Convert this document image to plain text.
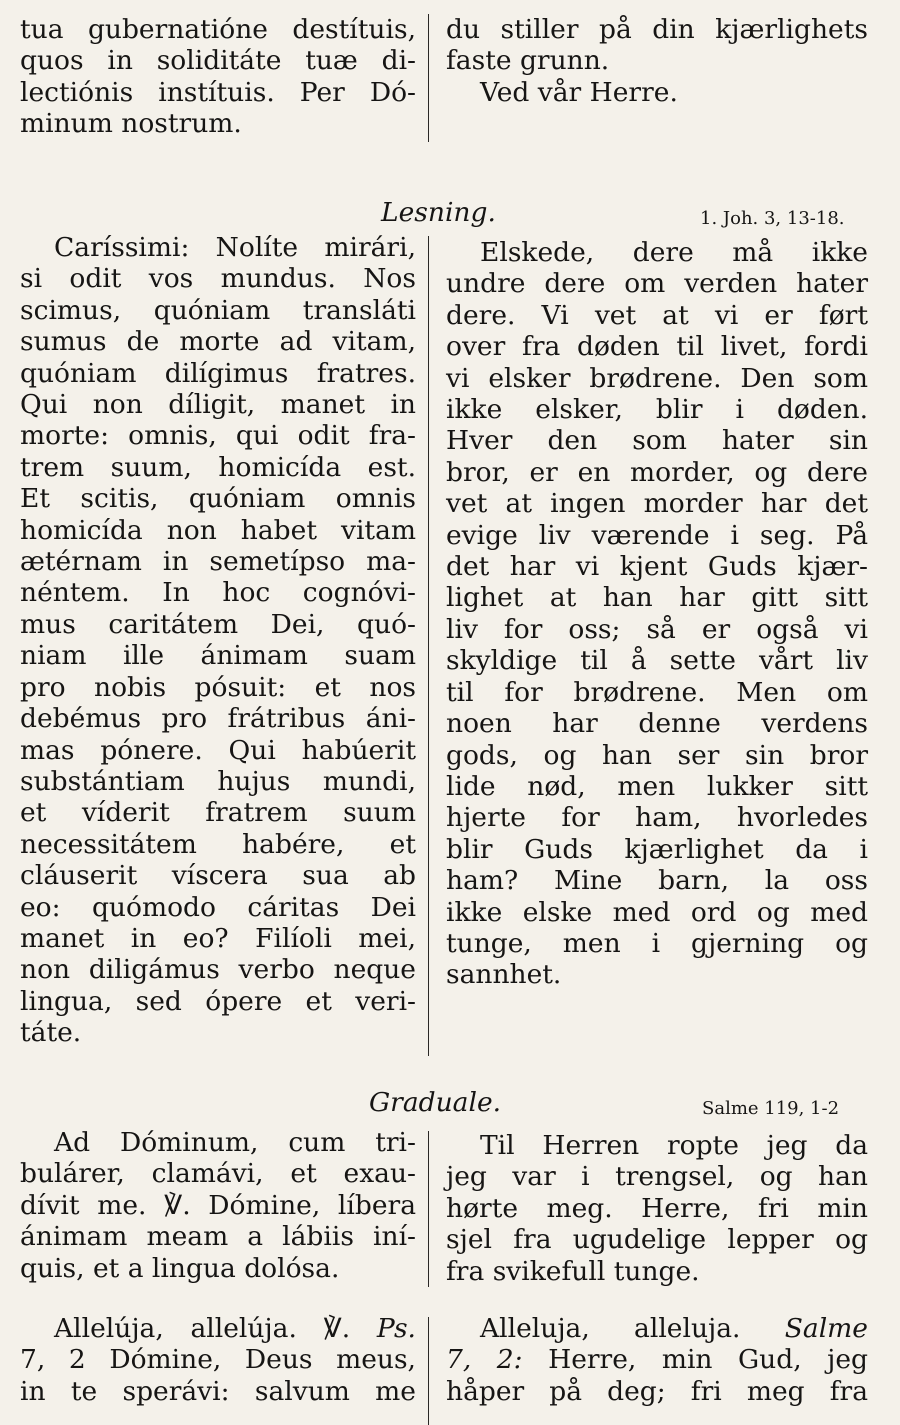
tua gubernatióne destítuis,
quos in soliditáte tuæ di-
lectiónis instítuis. Per Dó-
minum nostrum.
du stiller på din kjærlighets
faste grunn.
Ved vår Herre.
Lesning.	1. Joh. 3, 13-18.
Caríssimi: Nolíte mirári,
si odit vos mundus. Nos
scimus, quóniam transláti
sumus de morte ad vitam,
quóniam dilígimus fratres.
Qui non díligit, manet in
morte: omnis, qui odit fra-
trem suum, homicída est.
Et scitis, quóniam omnis
homicída non habet vitam
ætérnam in semetípso ma-
néntem. In hoc cognóvi-
mus caritátem Dei, quó-
niam ille ánimam suam
pro nobis pósuit: et nos
debémus pro frátribus áni-
mas pónere. Qui habúerit
substántiam hujus mundi,
et víderit fratrem suum
necessitátem habére, et
cláuserit víscera sua ab
eo: quómodo cáritas Dei
manet in eo? Filíoli mei,
non diligámus verbo neque
lingua, sed ópere et veri-
táte.
Elskede, dere må ikke
undre dere om verden hater
dere. Vi vet at vi er ført
over fra døden til livet, fordi
vi elsker brødrene. Den som
ikke elsker, blir i døden.
Hver den som hater sin
bror, er en morder, og dere
vet at ingen morder har det
evige liv værende i seg. På
det har vi kjent Guds kjær-
lighet at han har gitt sitt
liv for oss; så er også vi
skyldige til å sette vårt liv
til for brødrene. Men om
noen har denne verdens
gods, og han ser sin bror
lide nød, men lukker sitt
hjerte for ham, hvorledes
blir Guds kjærlighet da i
ham? Mine barn, la oss
ikke elske med ord og med
tunge, men i gjerning og
sannhet.
Graduale.	Salme 119, 1-2
Ad Dóminum, cum tri-
bulárer, clamávi, et exau-
dívit me. ℣. Dómine, líbera
ánimam meam a lábiis iní-
quis, et a lingua dolósa.
Til Herren ropte jeg da
jeg var i trengsel, og han
hørte meg. Herre, fri min
sjel fra ugudelige lepper og
fra svikefull tunge.
Allelúja, allelúja. ℣. Ps.
7, 2 Dómine, Deus meus,
in te sperávi: salvum me
Alleluja, alleluja. Salme
7, 2: Herre, min Gud, jeg
håper på deg; fri meg fra
